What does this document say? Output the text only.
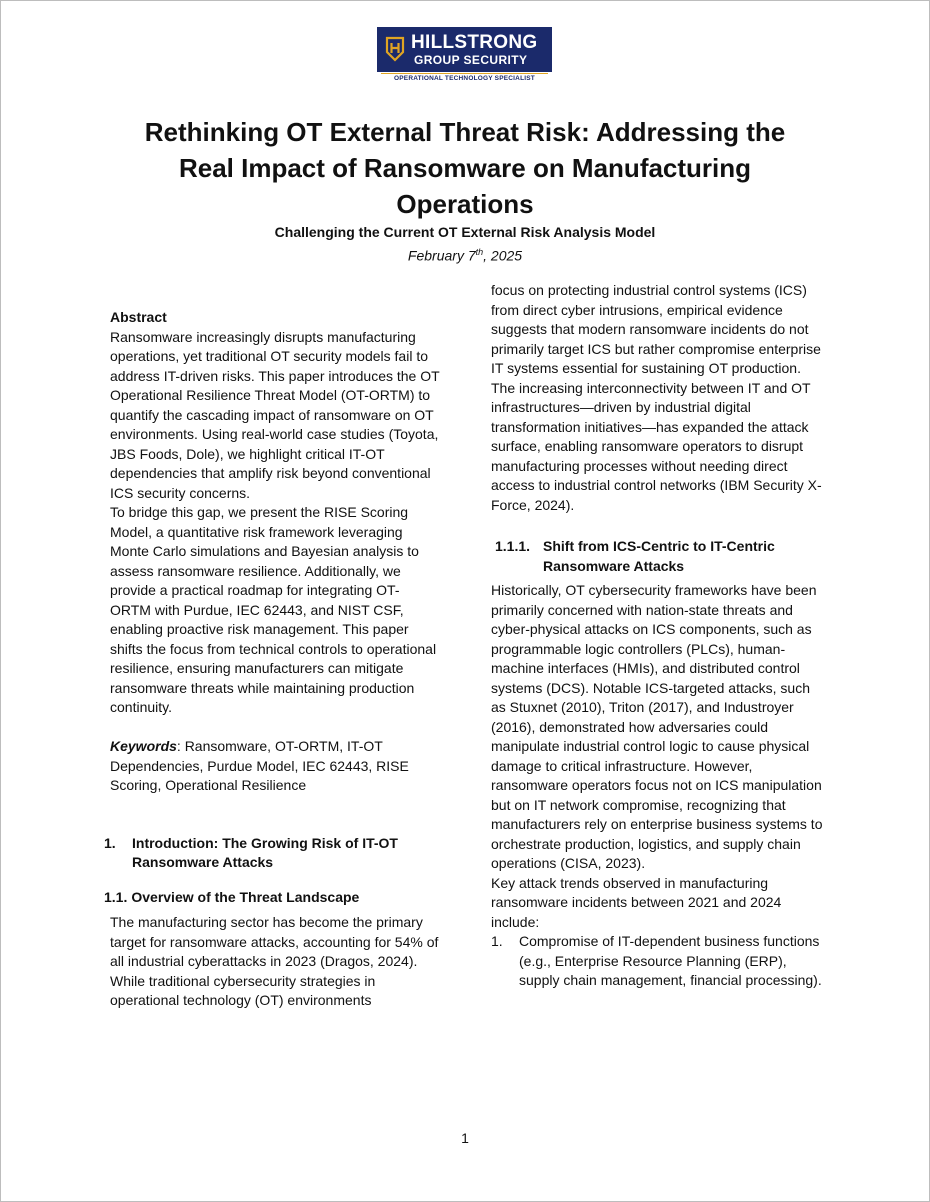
HILLSTRONG
GROUP SECURITY
OPERATIONAL TECHNOLOGY SPECIALIST
Rethinking OT External Threat Risk: Addressing the
Real Impact of Ransomware on Manufacturing
Operations
Challenging the Current OT External Risk Analysis Model
February 7th, 2025

Abstract

Ransomware increasingly disrupts manufacturing operations, yet traditional OT security models fail to address IT-driven risks. This paper introduces the OT Operational Resilience Threat Model (OT-ORTM) to quantify the cascading impact of ransomware on OT environments. Using real-world case studies (Toyota, JBS Foods, Dole), we highlight critical IT-OT dependencies that amplify risk beyond conventional ICS security concerns.

To bridge this gap, we present the RISE Scoring Model, a quantitative risk framework leveraging Monte Carlo simulations and Bayesian analysis to assess ransomware resilience. Additionally, we provide a practical roadmap for integrating OT-ORTM with Purdue, IEC 62443, and NIST CSF, enabling proactive risk management. This paper shifts the focus from technical controls to operational resilience, ensuring manufacturers can mitigate ransomware threats while maintaining production continuity.

Keywords: Ransomware, OT-ORTM, IT-OT Dependencies, Purdue Model, IEC 62443, RISE Scoring, Operational Resilience

1.	Introduction: The Growing Risk of IT-OT Ransomware Attacks
1.1. Overview of the Threat Landscape

The manufacturing sector has become the primary target for ransomware attacks, accounting for 54% of all industrial cyberattacks in 2023 (Dragos, 2024). While traditional cybersecurity strategies in operational technology (OT) environments

focus on protecting industrial control systems (ICS) from direct cyber intrusions, empirical evidence suggests that modern ransomware incidents do not primarily target ICS but rather compromise enterprise IT systems essential for sustaining OT production. The increasing interconnectivity between IT and OT infrastructures—driven by industrial digital transformation initiatives—has expanded the attack surface, enabling ransomware operators to disrupt manufacturing processes without needing direct access to industrial control networks (IBM Security X-Force, 2024).

1.1.1. Shift from ICS-Centric to IT-Centric Ransomware Attacks

Historically, OT cybersecurity frameworks have been primarily concerned with nation-state threats and cyber-physical attacks on ICS components, such as programmable logic controllers (PLCs), human-machine interfaces (HMIs), and distributed control systems (DCS). Notable ICS-targeted attacks, such as Stuxnet (2010), Triton (2017), and Industroyer (2016), demonstrated how adversaries could manipulate industrial control logic to cause physical damage to critical infrastructure. However, ransomware operators focus not on ICS manipulation but on IT network compromise, recognizing that manufacturers rely on enterprise business systems to orchestrate production, logistics, and supply chain operations (CISA, 2023).

Key attack trends observed in manufacturing ransomware incidents between 2021 and 2024 include:

1.	Compromise of IT-dependent business functions (e.g., Enterprise Resource Planning (ERP), supply chain management, financial processing).
1
